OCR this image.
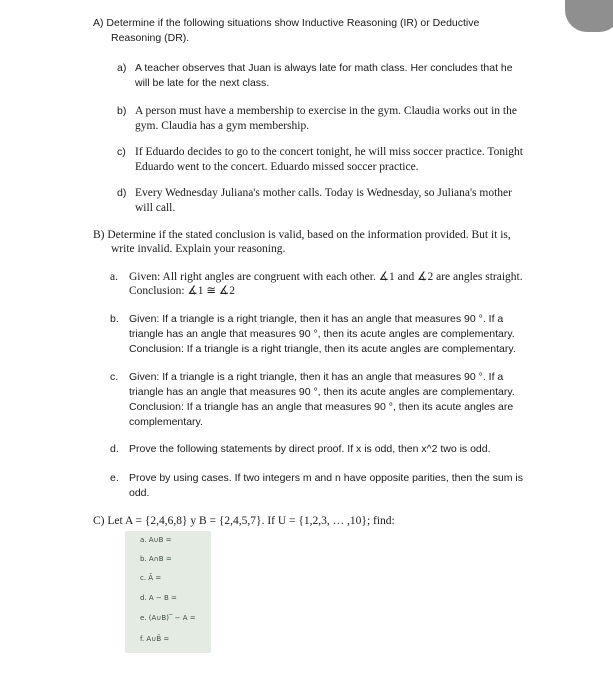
A) Determine if the following situations show Inductive Reasoning (IR) or Deductive
Reasoning (DR).
a) A teacher observes that Juan is always late for math class. Her concludes that he
will be late for the next class.
b) A person must have a membership to exercise in the gym. Claudia works out in the
gym. Claudia has a gym membership.
c) If Eduardo decides to go to the concert tonight, he will miss soccer practice. Tonight
Eduardo went to the concert. Eduardo missed soccer practice.
d) Every Wednesday Juliana's mother calls. Today is Wednesday, so Juliana's mother
will call.
B) Determine if the stated conclusion is valid, based on the information provided. But it is,
write invalid. Explain your reasoning.
a. Given: All right angles are congruent with each other. ∡1 and ∡2 are angles straight.
Conclusion: ∡1 ≅ ∡2
b. Given: If a triangle is a right triangle, then it has an angle that measures 90 °. If a
triangle has an angle that measures 90 °, then its acute angles are complementary.
Conclusion: If a triangle is a right triangle, then its acute angles are complementary.
c. Given: If a triangle is a right triangle, then it has an angle that measures 90 °. If a
triangle has an angle that measures 90 °, then its acute angles are complementary.
Conclusion: If a triangle has an angle that measures 90 °, then its acute angles are
complementary.
d. Prove the following statements by direct proof. If x is odd, then x^2 two is odd.
e. Prove by using cases. If two integers m and n have opposite parities, then the sum is
odd.
C) Let A = {2,4,6,8} y B = {2,4,5,7}. If U = {1,2,3, … ,10}; find:
a. A∪B =
b. A∩B =
c. Ā =
d. A − B =
e. (A∪B)‾ − A =
f. A∪B̄ =
